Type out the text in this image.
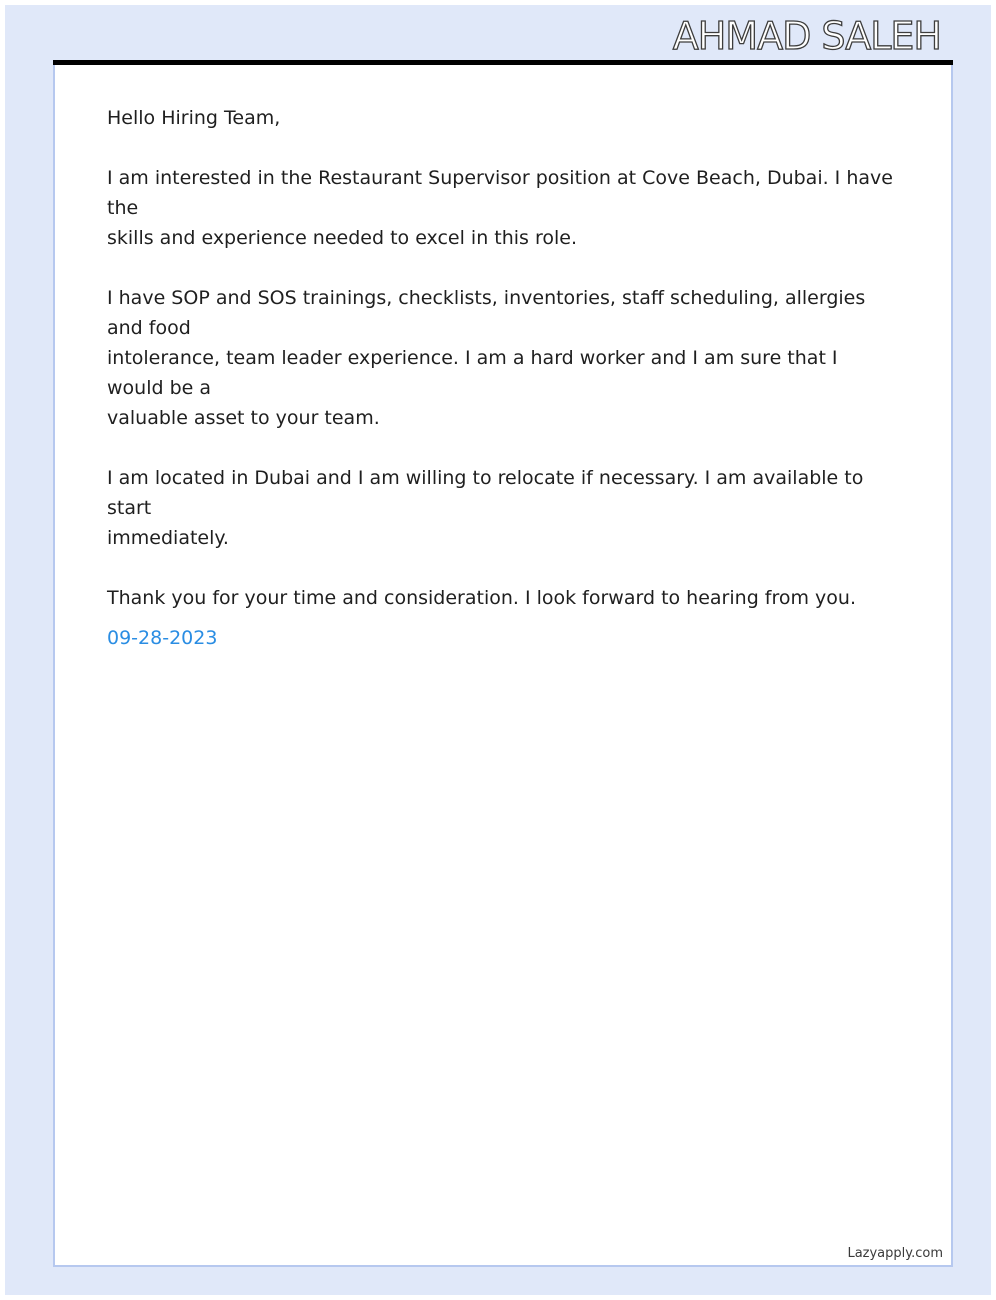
AHMAD SALEH

Hello Hiring Team,

I am interested in the Restaurant Supervisor position at Cove Beach, Dubai. I have the
skills and experience needed to excel in this role.

I have SOP and SOS trainings, checklists, inventories, staff scheduling, allergies and food
intolerance, team leader experience. I am a hard worker and I am sure that I would be a
valuable asset to your team.

I am located in Dubai and I am willing to relocate if necessary. I am available to start
immediately.

Thank you for your time and consideration. I look forward to hearing from you.

09-28-2023
Lazyapply.com
